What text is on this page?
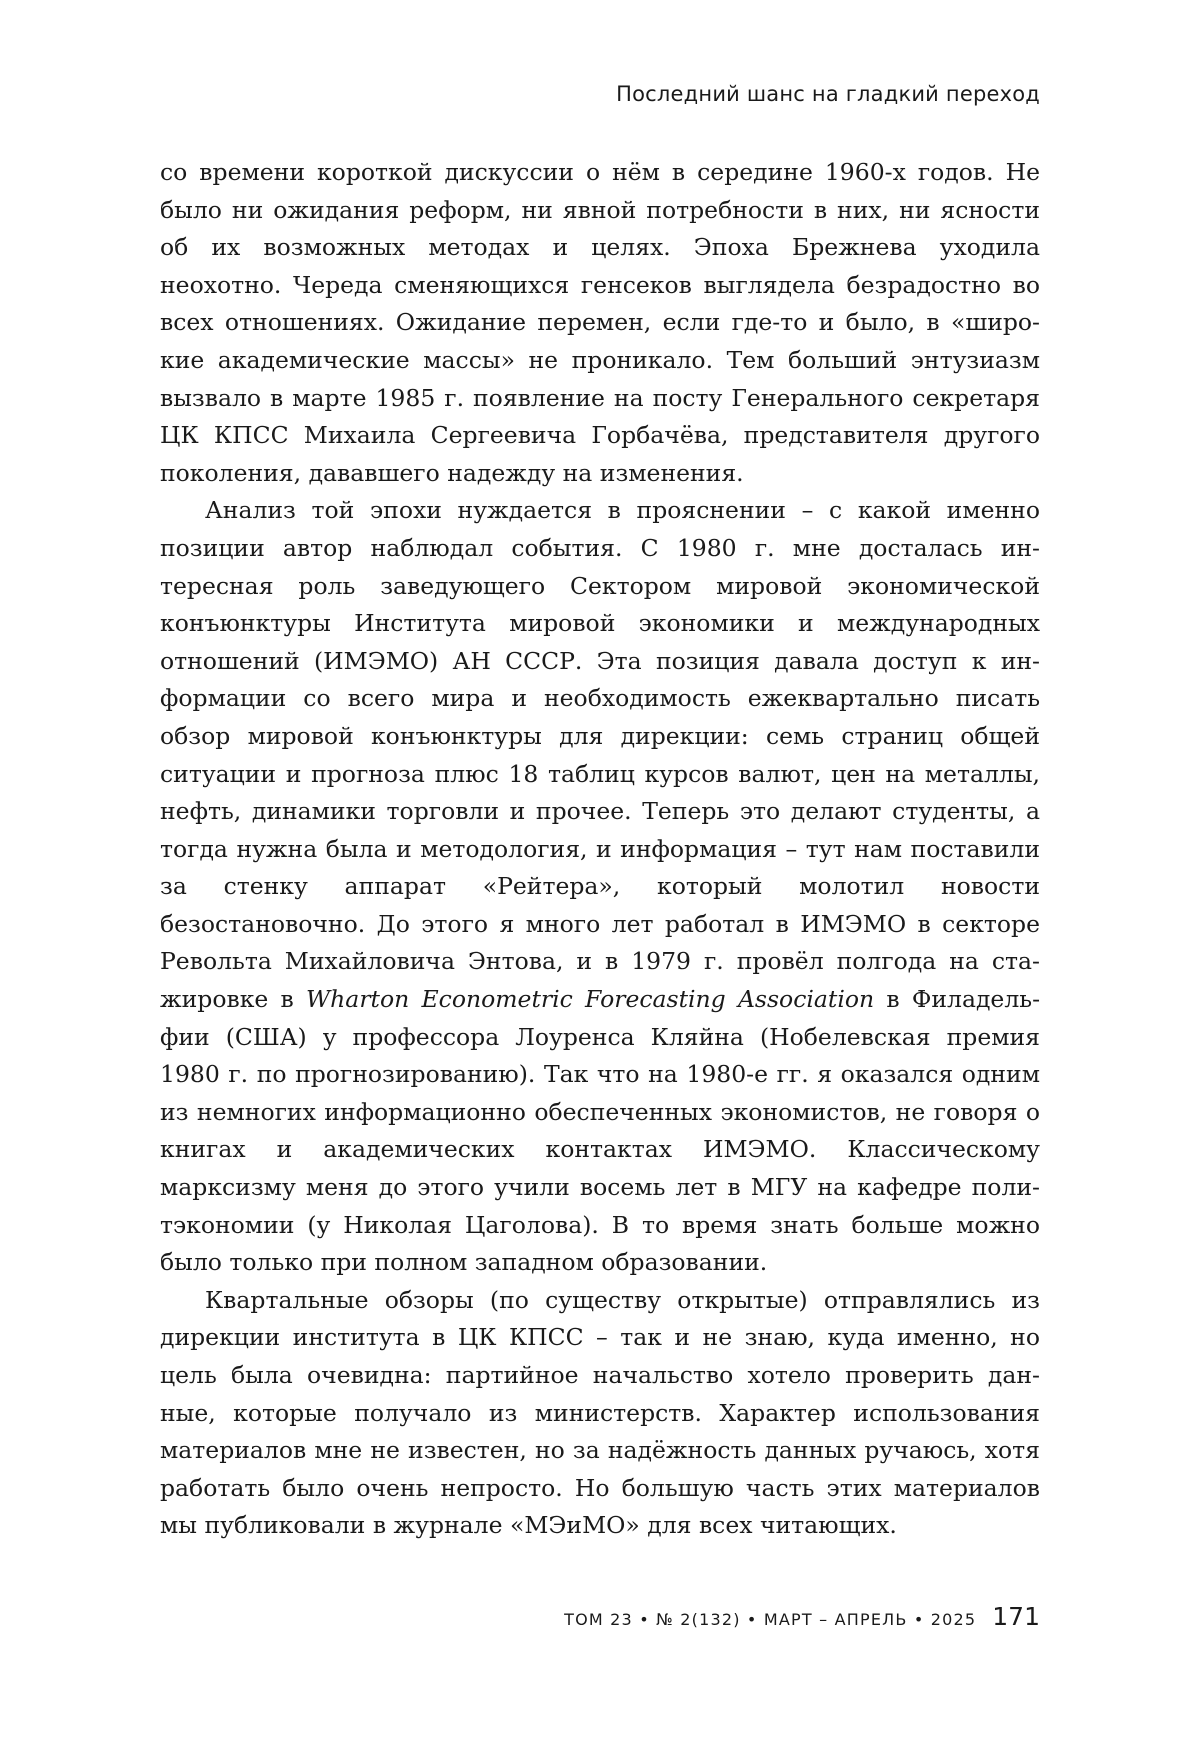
Последний шанс на гладкий переход

со времени короткой дискуссии о нём в середине 1960-х годов. Не было ни ожидания реформ, ни явной потребности в них, ни ясности об их возможных методах и целях. Эпоха Брежнева уходила неохотно. Череда сменяющихся генсеков выглядела безрадостно во всех отношениях. Ожидание перемен, если где-то и было, в «широкие академические массы» не проникало. Тем больший энтузиазм вызвало в марте 1985 г. появление на посту Генерального секретаря ЦК КПСС Михаила Сергеевича Горбачёва, представителя другого поколения, дававшего надежду на изменения.

Анализ той эпохи нуждается в прояснении – с какой именно позиции автор наблюдал события. С 1980 г. мне досталась интересная роль заведующего Сектором мировой экономической конъюнктуры Института мировой экономики и международных отношений (ИМЭМО) АН СССР. Эта позиция давала доступ к информации со всего мира и необходимость ежеквартально писать обзор мировой конъюнктуры для дирекции: семь страниц общей ситуации и прогноза плюс 18 таблиц курсов валют, цен на металлы, нефть, динамики торговли и прочее. Теперь это делают студенты, а тогда нужна была и методология, и информация – тут нам поставили за стенку аппарат «Рейтера», который молотил новости безостановочно. До этого я много лет работал в ИМЭМО в секторе Револьта Михайловича Энтова, и в 1979 г. провёл полгода на стажировке в Wharton Econometric Forecasting Association в Филадельфии (США) у профессора Лоуренса Кляйна (Нобелевская премия 1980 г. по прогнозированию). Так что на 1980-е гг. я оказался одним из немногих информационно обеспеченных экономистов, не говоря о книгах и академических контактах ИМЭМО. Классическому марксизму меня до этого учили восемь лет в МГУ на кафедре политэкономии (у Николая Цаголова). В то время знать больше можно было только при полном западном образовании.

Квартальные обзоры (по существу открытые) отправлялись из дирекции института в ЦК КПСС – так и не знаю, куда именно, но цель была очевидна: партийное начальство хотело проверить данные, которые получало из министерств. Характер использования материалов мне не известен, но за надёжность данных ручаюсь, хотя работать было очень непросто. Но большую часть этих материалов мы публиковали в журнале «МЭиМО» для всех читающих.

ТОМ 23 • № 2(132) • МАРТ – АПРЕЛЬ • 2025 171
